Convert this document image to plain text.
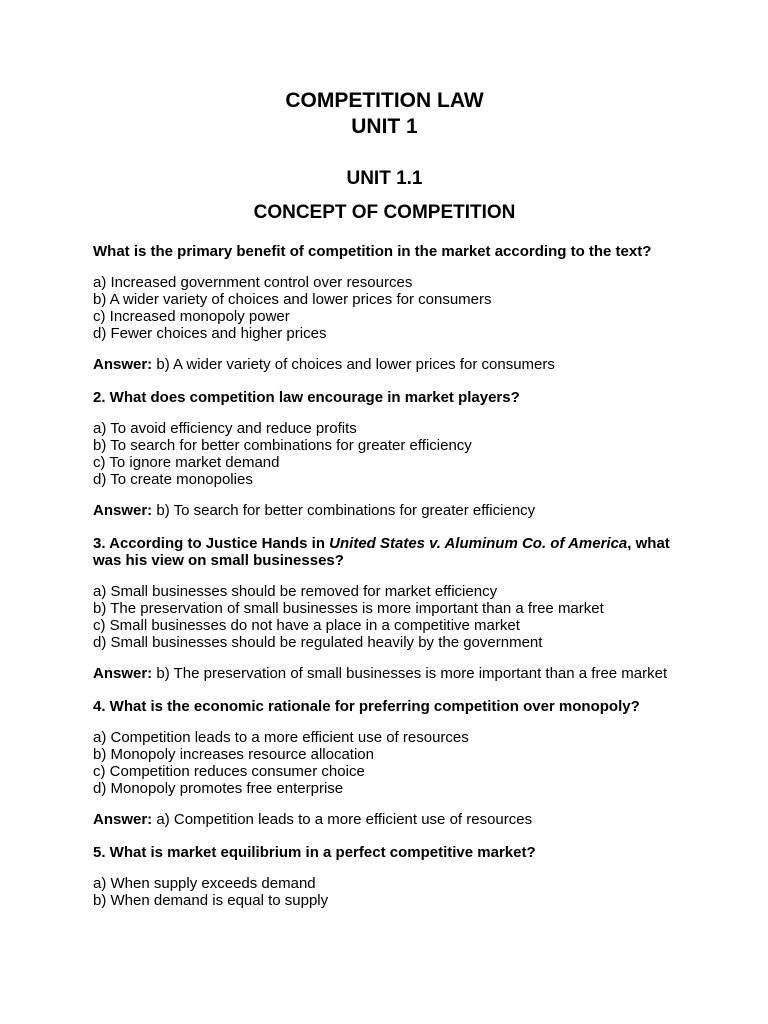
COMPETITION LAW

UNIT 1

UNIT 1.1

CONCEPT OF COMPETITION

What is the primary benefit of competition in the market according to the text?

a) Increased government control over resources
b) A wider variety of choices and lower prices for consumers
c) Increased monopoly power
d) Fewer choices and higher prices

Answer: b) A wider variety of choices and lower prices for consumers

2. What does competition law encourage in market players?

a) To avoid efficiency and reduce profits
b) To search for better combinations for greater efficiency
c) To ignore market demand
d) To create monopolies

Answer: b) To search for better combinations for greater efficiency

3. According to Justice Hands in United States v. Aluminum Co. of America, what was his view on small businesses?

a) Small businesses should be removed for market efficiency
b) The preservation of small businesses is more important than a free market
c) Small businesses do not have a place in a competitive market
d) Small businesses should be regulated heavily by the government

Answer: b) The preservation of small businesses is more important than a free market

4. What is the economic rationale for preferring competition over monopoly?

a) Competition leads to a more efficient use of resources
b) Monopoly increases resource allocation
c) Competition reduces consumer choice
d) Monopoly promotes free enterprise

Answer: a) Competition leads to a more efficient use of resources

5. What is market equilibrium in a perfect competitive market?

a) When supply exceeds demand
b) When demand is equal to supply
